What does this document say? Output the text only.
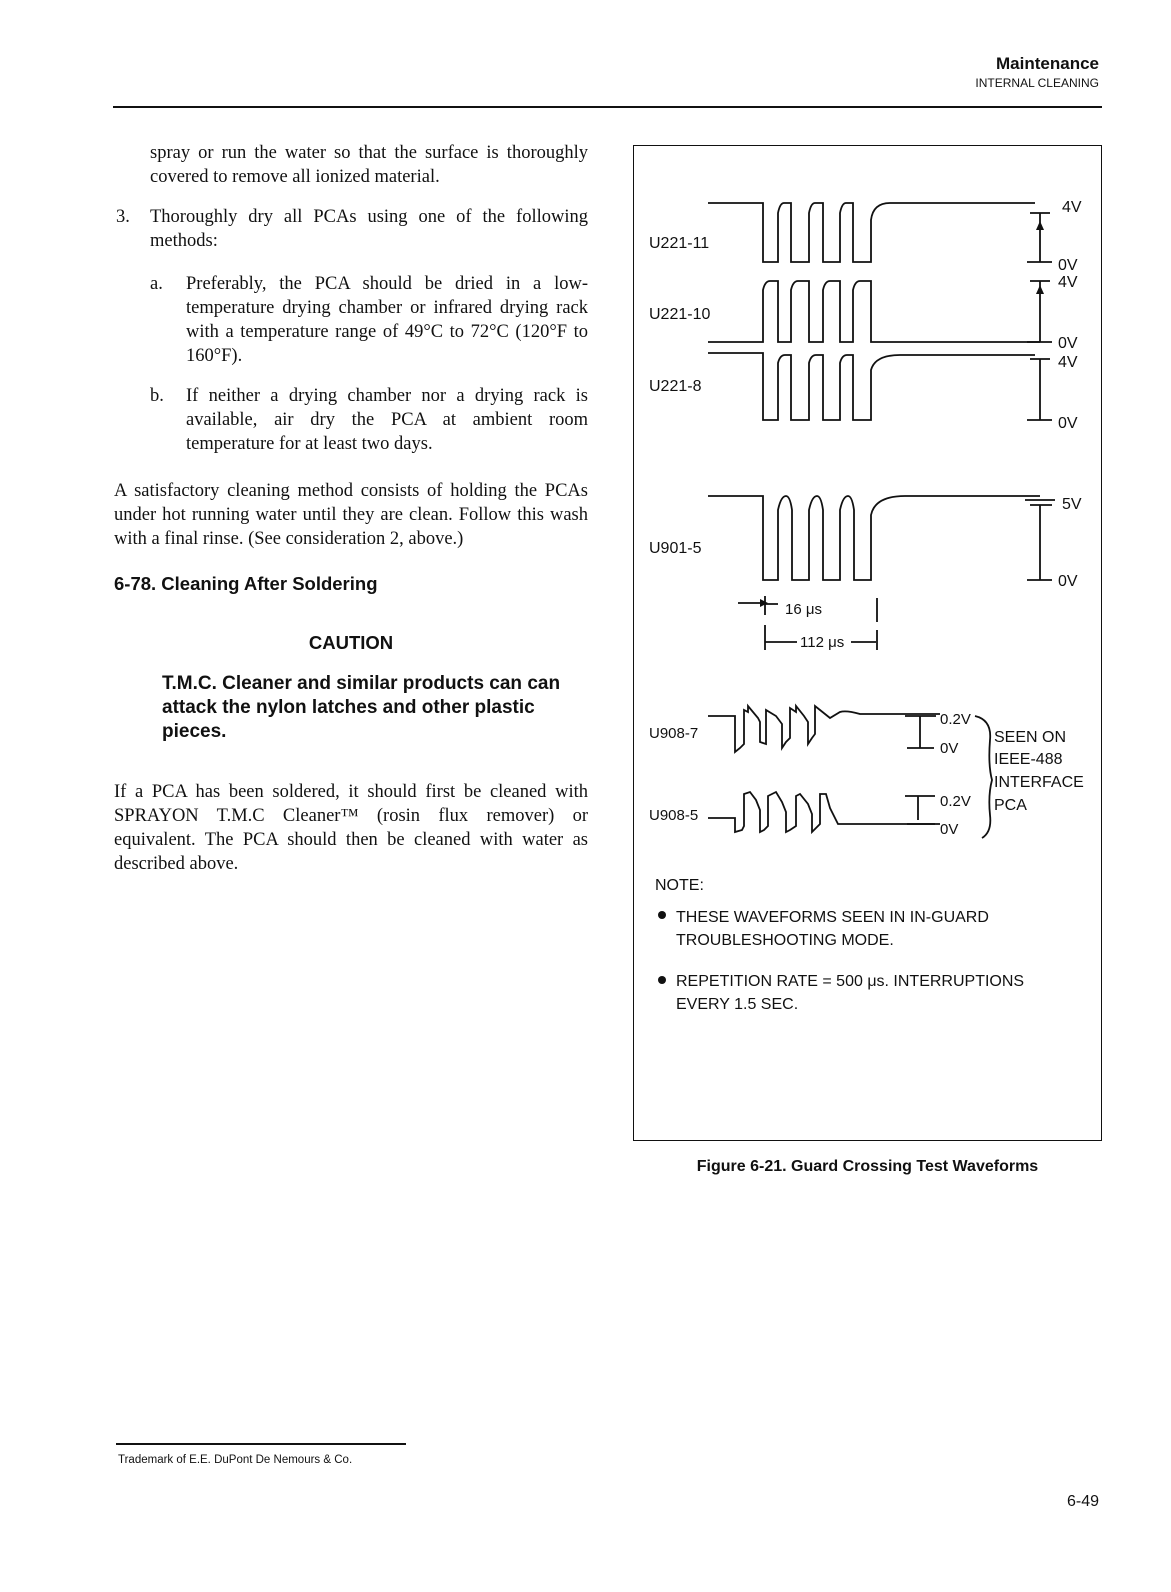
Maintenance
INTERNAL CLEANING
spray or run the water so that the surface is thoroughly covered to remove all ionized material.
3. Thoroughly dry all PCAs using one of the following methods:
a. Preferably, the PCA should be dried in a low-temperature drying chamber or infrared drying rack with a temperature range of 49°C to 72°C (120°F to 160°F).
b. If neither a drying chamber nor a drying rack is available, air dry the PCA at ambient room temperature for at least two days.
A satisfactory cleaning method consists of holding the PCAs under hot running water until they are clean. Follow this wash with a final rinse. (See consideration 2, above.)
6-78. Cleaning After Soldering
CAUTION
T.M.C. Cleaner and similar products can can attack the nylon latches and other plastic pieces.
If a PCA has been soldered, it should first be cleaned with SPRAYON T.M.C Cleaner™ (rosin flux remover) or equivalent. The PCA should then be cleaned with water as described above.
U221-11
U221-10
U221-8
U901-5
U908-7
U908-5
4V
0V
4V
0V
4V
0V
5V
0V
0.2V
0V
0.2V
0V
16 μs
112 μs
SEEN ON
IEEE-488
INTERFACE
PCA
NOTE:
THESE WAVEFORMS SEEN IN IN-GUARD
TROUBLESHOOTING MODE.
REPETITION RATE = 500 μs. INTERRUPTIONS
EVERY 1.5 SEC.
Figure 6-21. Guard Crossing Test Waveforms
Trademark of E.E. DuPont De Nemours & Co.
6-49
